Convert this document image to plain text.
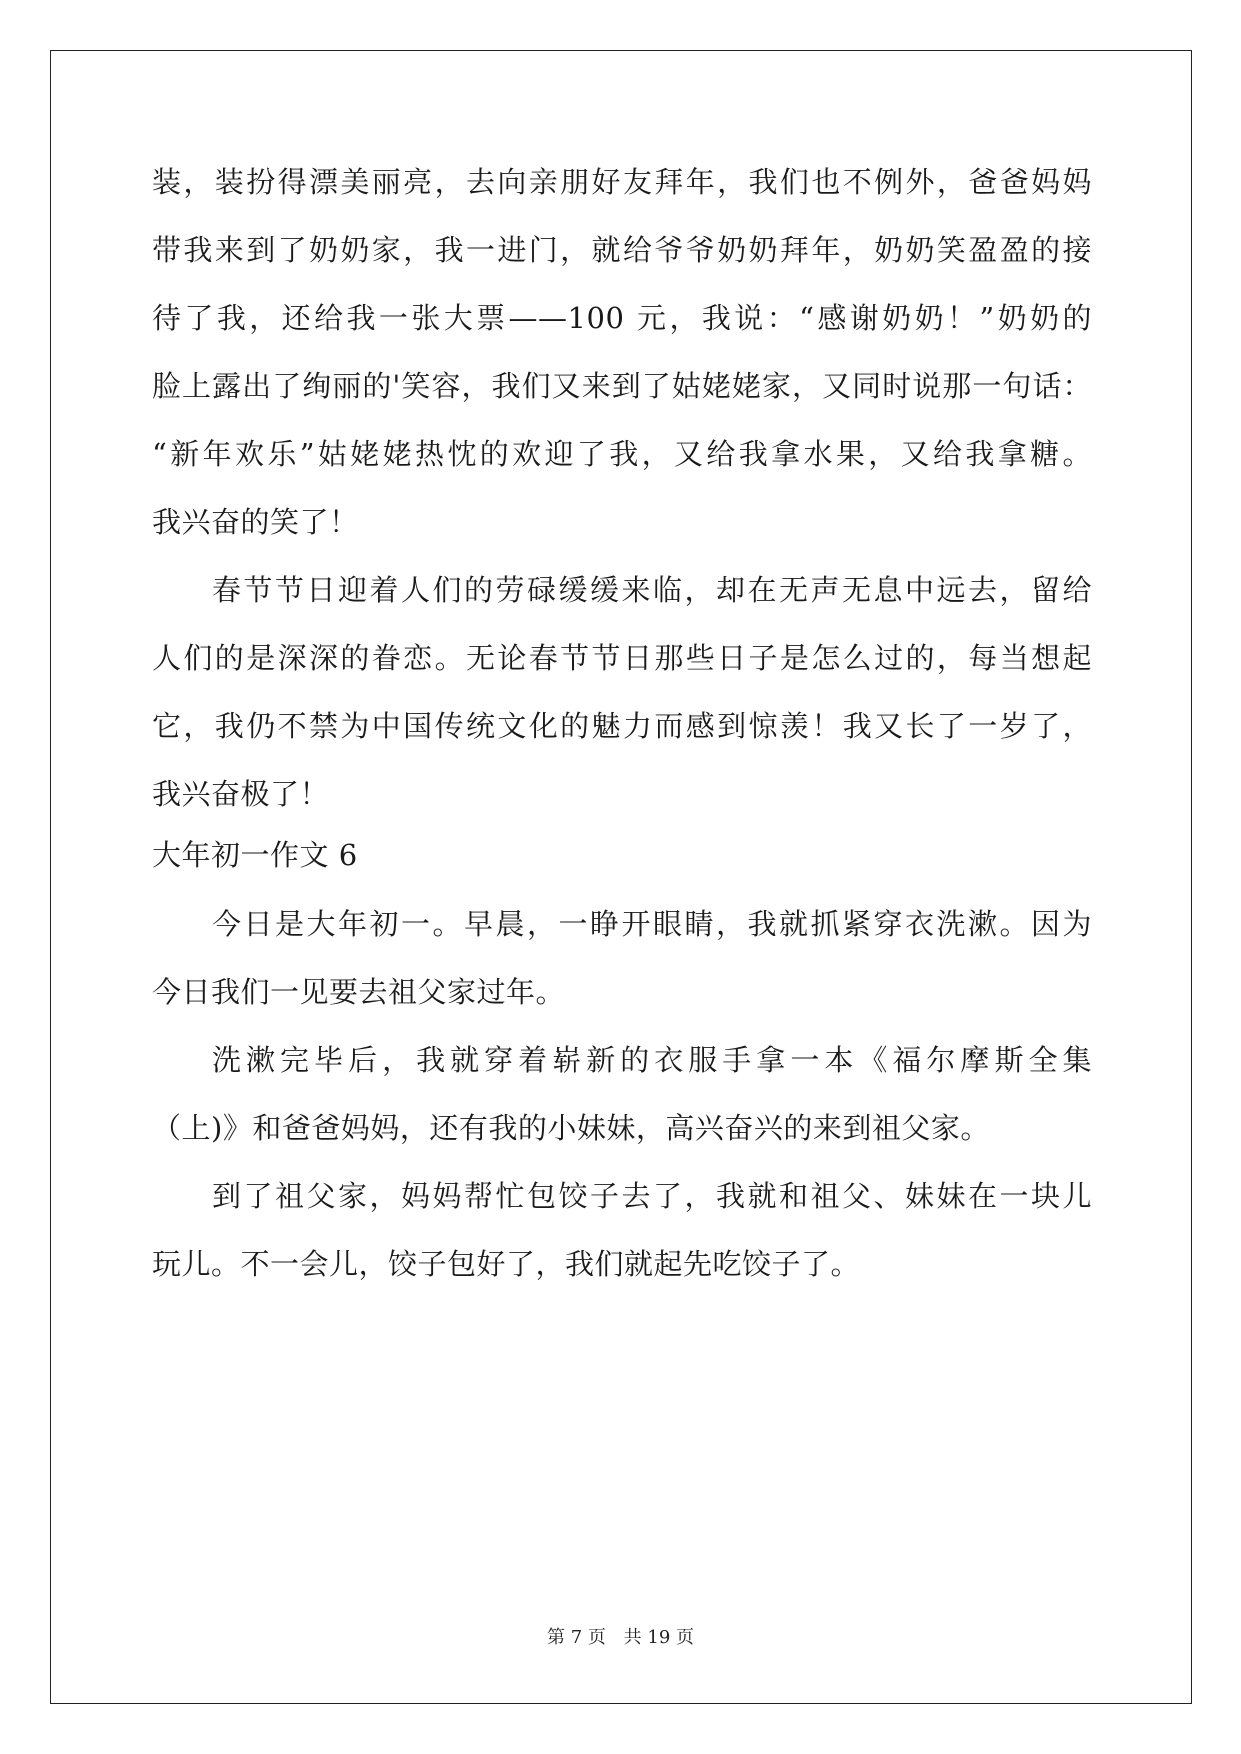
装，装扮得漂美丽亮，去向亲朋好友拜年，我们也不例外，爸爸妈妈
带我来到了奶奶家，我一进门，就给爷爷奶奶拜年，奶奶笑盈盈的接
待了我，还给我一张大票——100 元，我说：“感谢奶奶！”奶奶的
脸上露出了绚丽的'笑容，我们又来到了姑姥姥家，又同时说那一句话：
“新年欢乐”姑姥姥热忱的欢迎了我，又给我拿水果，又给我拿糖。
我兴奋的笑了！
春节节日迎着人们的劳碌缓缓来临，却在无声无息中远去，留给
人们的是深深的眷恋。无论春节节日那些日子是怎么过的，每当想起
它，我仍不禁为中国传统文化的魅力而感到惊羡！我又长了一岁了，
我兴奋极了！
大年初一作文 6
今日是大年初一。早晨，一睁开眼睛，我就抓紧穿衣洗漱。因为
今日我们一见要去祖父家过年。
洗漱完毕后，我就穿着崭新的衣服手拿一本《福尔摩斯全集
（上)》和爸爸妈妈，还有我的小妹妹，高兴奋兴的来到祖父家。
到了祖父家，妈妈帮忙包饺子去了，我就和祖父、妹妹在一块儿
玩儿。不一会儿，饺子包好了，我们就起先吃饺子了。
第 7 页 共 19 页
